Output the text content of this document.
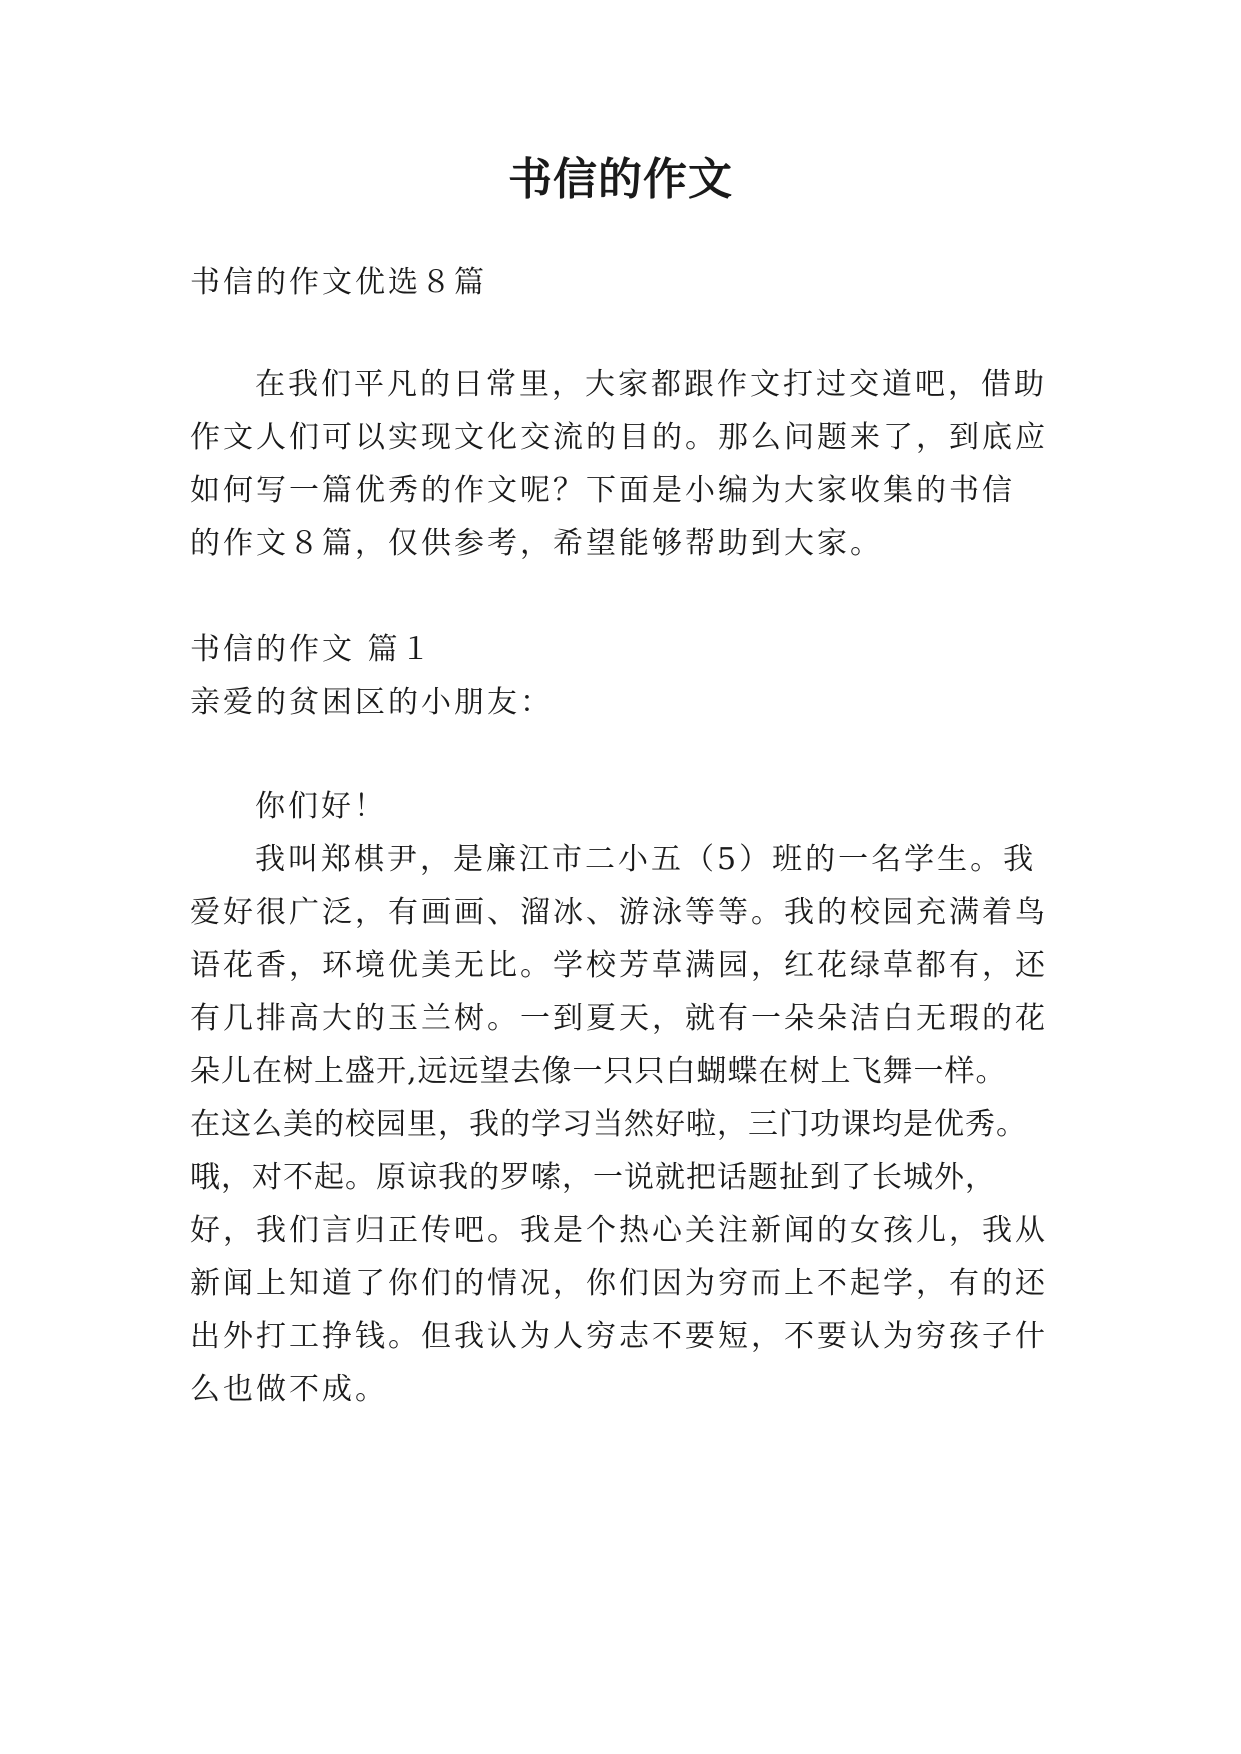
书信的作文
书信的作文优选８篇
在我们平凡的日常里，大家都跟作文打过交道吧，借助
作文人们可以实现文化交流的目的。那么问题来了，到底应
如何写一篇优秀的作文呢？下面是小编为大家收集的书信
的作文８篇，仅供参考，希望能够帮助到大家。
书信的作文 篇１
亲爱的贫困区的小朋友：
你们好！
我叫郑棋尹，是廉江市二小五（5）班的一名学生。我
爱好很广泛，有画画、溜冰、游泳等等。我的校园充满着鸟
语花香，环境优美无比。学校芳草满园，红花绿草都有，还
有几排高大的玉兰树。一到夏天，就有一朵朵洁白无瑕的花
朵儿在树上盛开,远远望去像一只只白蝴蝶在树上飞舞一样。
在这么美的校园里，我的学习当然好啦，三门功课均是优秀。
哦，对不起。原谅我的罗嗦，一说就把话题扯到了长城外，
好，我们言归正传吧。我是个热心关注新闻的女孩儿，我从
新闻上知道了你们的情况，你们因为穷而上不起学，有的还
出外打工挣钱。但我认为人穷志不要短，不要认为穷孩子什
么也做不成。
